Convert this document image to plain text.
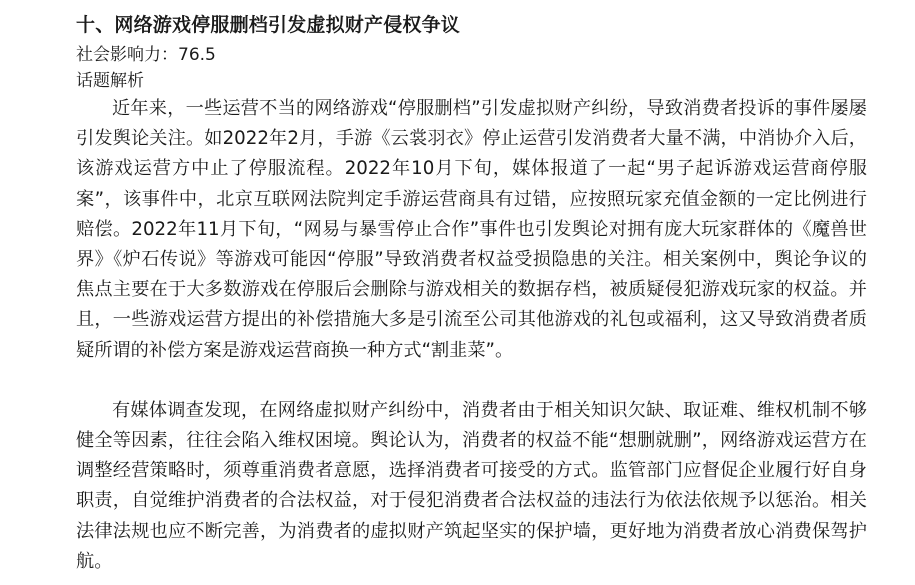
十、网络游戏停服删档引发虚拟财产侵权争议

社会影响力：76.5

话题解析

近年来，一些运营不当的网络游戏“停服删档”引发虚拟财产纠纷，导致消费者投诉的事件屡屡引发舆论关注。如2022年2月，手游《云裳羽衣》停止运营引发消费者大量不满，中消协介入后，该游戏运营方中止了停服流程。2022年10月下旬，媒体报道了一起“男子起诉游戏运营商停服案”，该事件中，北京互联网法院判定手游运营商具有过错，应按照玩家充值金额的一定比例进行赔偿。2022年11月下旬，“网易与暴雪停止合作”事件也引发舆论对拥有庞大玩家群体的《魔兽世界》《炉石传说》等游戏可能因“停服”导致消费者权益受损隐患的关注。相关案例中，舆论争议的焦点主要在于大多数游戏在停服后会删除与游戏相关的数据存档，被质疑侵犯游戏玩家的权益。并且，一些游戏运营方提出的补偿措施大多是引流至公司其他游戏的礼包或福利，这又导致消费者质疑所谓的补偿方案是游戏运营商换一种方式“割韭菜”。

有媒体调查发现，在网络虚拟财产纠纷中，消费者由于相关知识欠缺、取证难、维权机制不够健全等因素，往往会陷入维权困境。舆论认为，消费者的权益不能“想删就删”，网络游戏运营方在调整经营策略时，须尊重消费者意愿，选择消费者可接受的方式。监管部门应督促企业履行好自身职责，自觉维护消费者的合法权益，对于侵犯消费者合法权益的违法行为依法依规予以惩治。相关法律法规也应不断完善，为消费者的虚拟财产筑起坚实的保护墙，更好地为消费者放心消费保驾护航。
